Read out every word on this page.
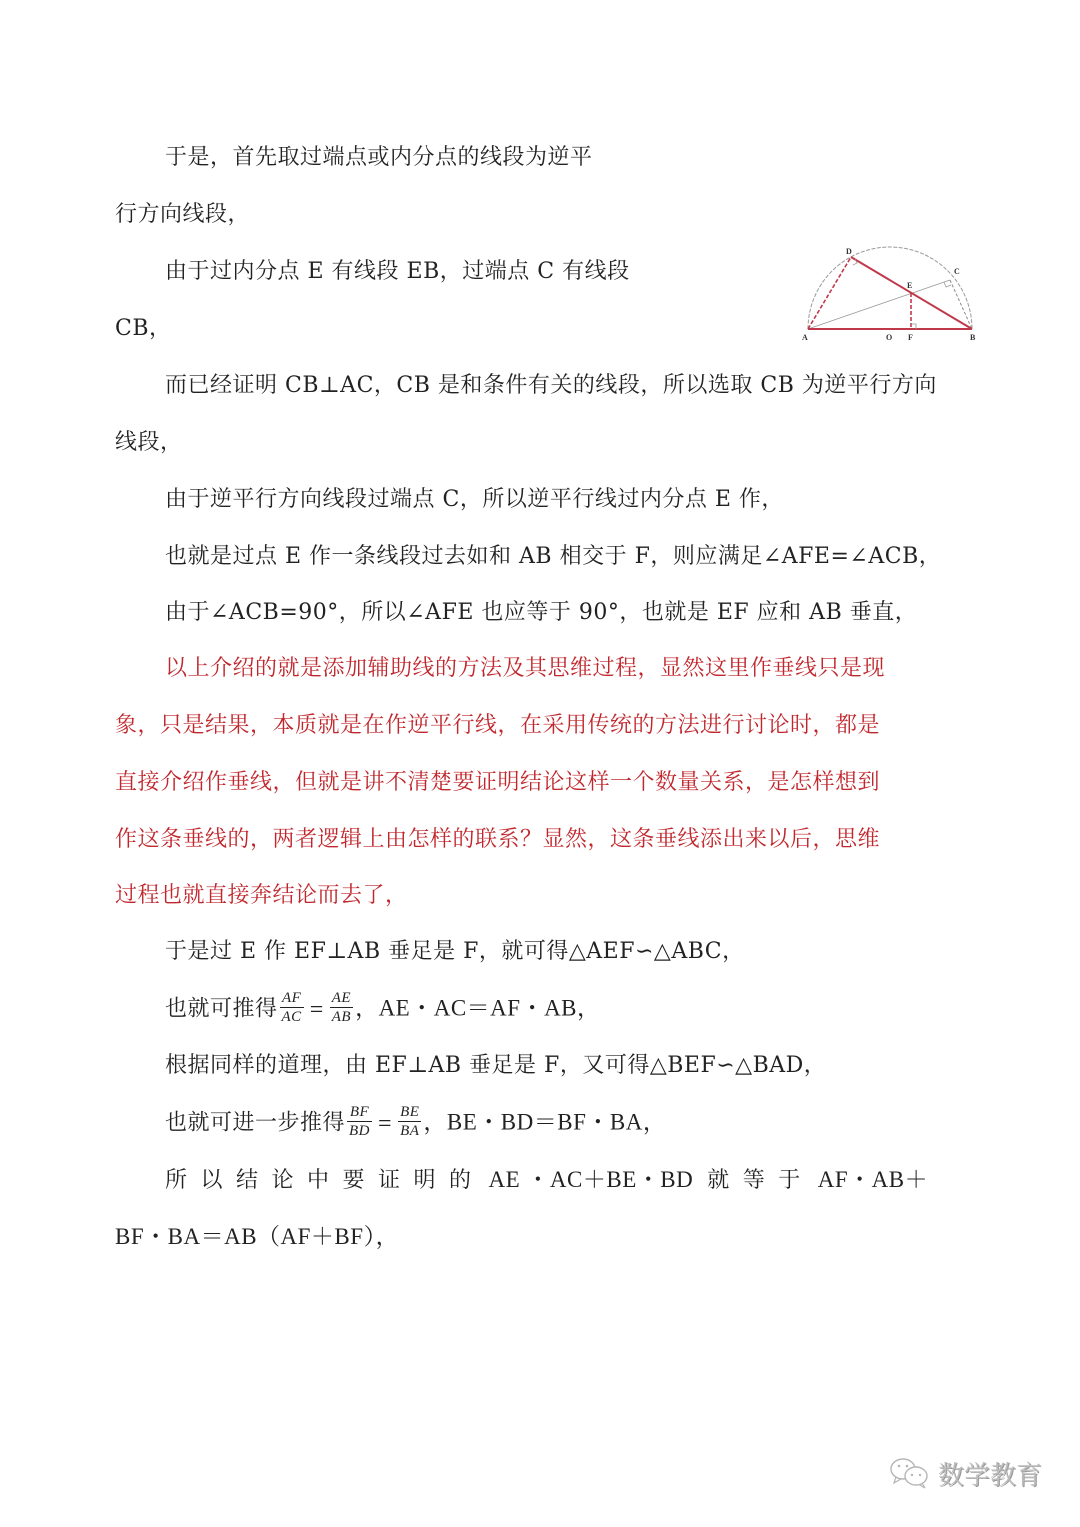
于是，首先取过端点或内分点的线段为逆平
行方向线段，
由于过内分点 E 有线段 EB，过端点 C 有线段
CB，
D
C
E
A	O F	B
而已经证明 CB⊥AC，CB 是和条件有关的线段，所以选取 CB 为逆平行方向
线段，
由于逆平行方向线段过端点 C，所以逆平行线过内分点 E 作，
也就是过点 E 作一条线段过去如和 AB 相交于 F，则应满足∠AFE=∠ACB，
由于∠ACB=90°，所以∠AFE 也应等于 90°，也就是 EF 应和 AB 垂直，
以上介绍的就是添加辅助线的方法及其思维过程，显然这里作垂线只是现
象，只是结果，本质就是在作逆平行线，在采用传统的方法进行讨论时，都是
直接介绍作垂线，但就是讲不清楚要证明结论这样一个数量关系，是怎样想到
作这条垂线的，两者逻辑上由怎样的联系？显然，这条垂线添出来以后，思维
过程也就直接奔结论而去了，
于是过 E 作 EF⊥AB 垂足是 F，就可得△AEF∽△ABC，
也就可推得 $\frac{AF}{AC} = \frac{AE}{AB}$ ，AE・AC＝AF・AB，
根据同样的道理，由 EF⊥AB 垂足是 F，又可得△BEF∽△BAD，
也就可进一步推得 $\frac{BF}{BD} = \frac{BE}{BA}$ ，BE・BD＝BF・BA，
所以结论中要证明的 AE ・AC＋BE・BD 就等于 AF・AB＋
BF・BA＝AB（AF＋BF），
数学教育
